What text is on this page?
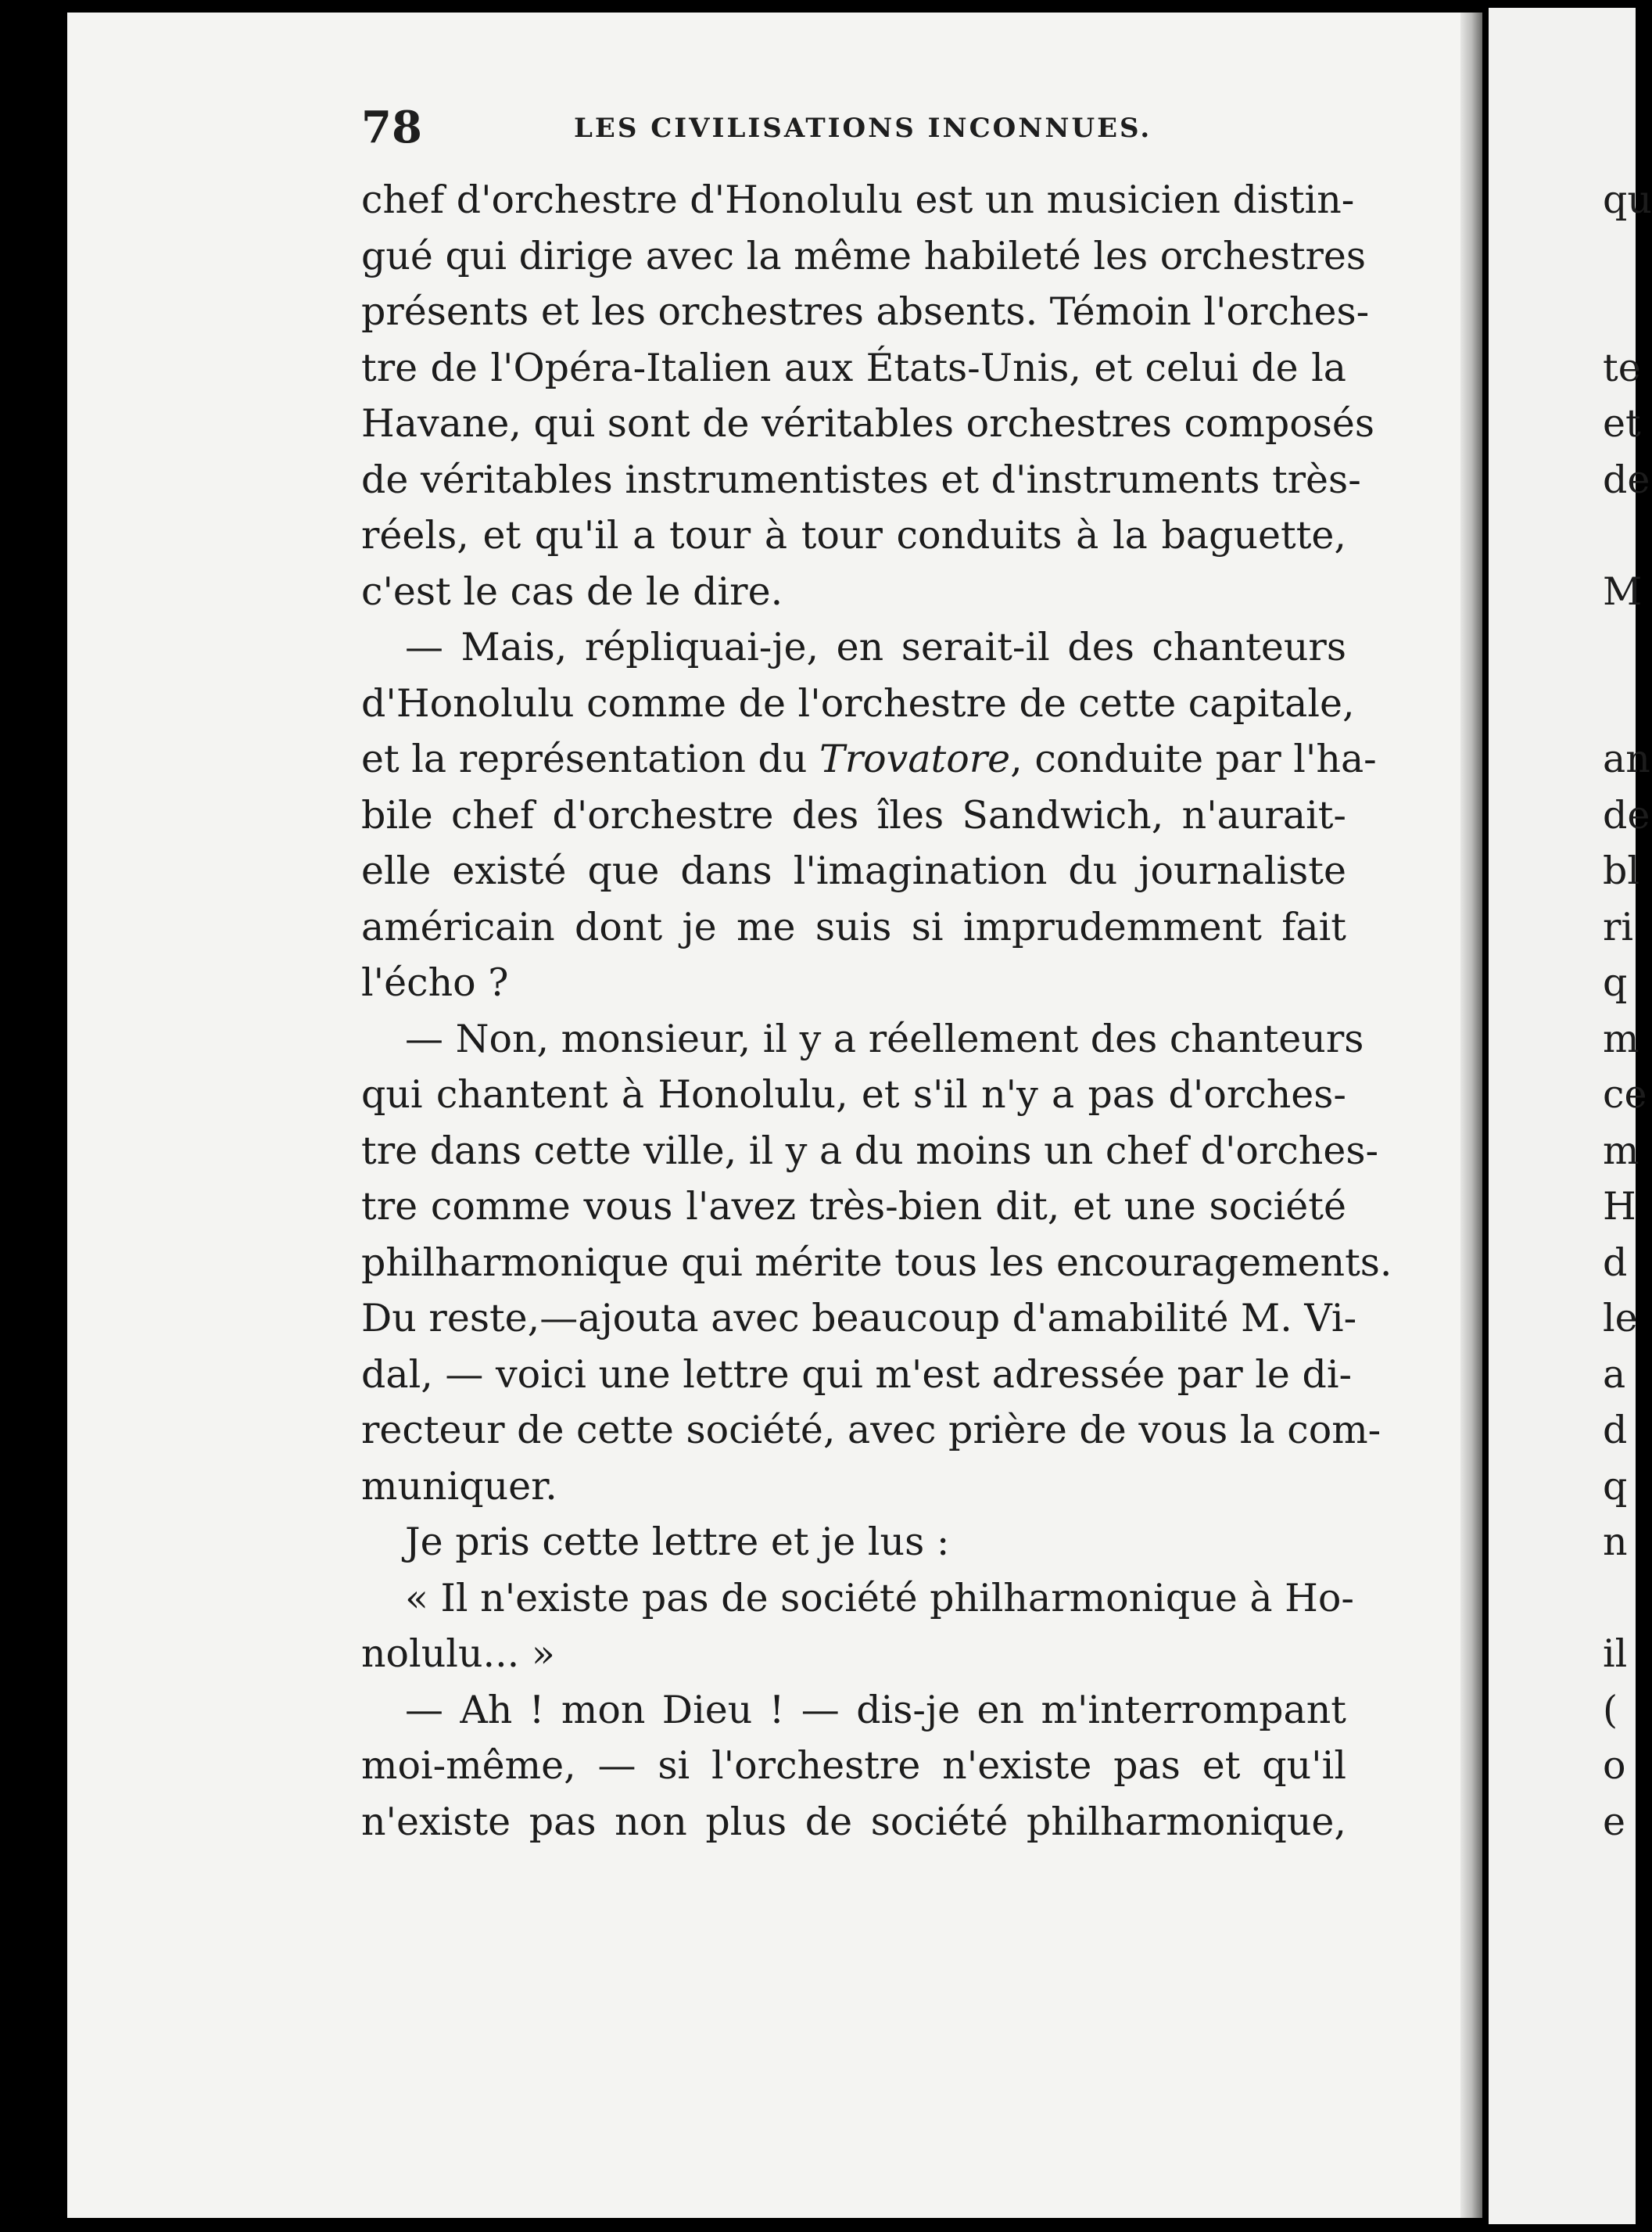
78	LES CIVILISATIONS INCONNUES.
chef d'orchestre d'Honolulu est un musicien distin-
gué qui dirige avec la même habileté les orchestres
présents et les orchestres absents. Témoin l'orches-
tre de l'Opéra-Italien aux États-Unis, et celui de la
Havane, qui sont de véritables orchestres composés
de véritables instrumentistes et d'instruments très-
réels, et qu'il a tour à tour conduits à la baguette,
c'est le cas de le dire.
— Mais, répliquai-je, en serait-il des chanteurs
d'Honolulu comme de l'orchestre de cette capitale,
et la représentation du Trovatore, conduite par l'ha-
bile chef d'orchestre des îles Sandwich, n'aurait-
elle existé que dans l'imagination du journaliste
américain dont je me suis si imprudemment fait
l'écho ?
— Non, monsieur, il y a réellement des chanteurs
qui chantent à Honolulu, et s'il n'y a pas d'orches-
tre dans cette ville, il y a du moins un chef d'orches-
tre comme vous l'avez très-bien dit, et une société
philharmonique qui mérite tous les encouragements.
Du reste,—ajouta avec beaucoup d'amabilité M. Vi-
dal, — voici une lettre qui m'est adressée par le di-
recteur de cette société, avec prière de vous la com-
muniquer.
Je pris cette lettre et je lus :
« Il n'existe pas de société philharmonique à Ho-
nolulu... »
— Ah ! mon Dieu ! — dis-je en m'interrompant
moi-même, — si l'orchestre n'existe pas et qu'il
n'existe pas non plus de société philharmonique,
qu
te
et
de
M
an
de
bl
ri
q
m
ce
m
H
d
le
a
d
q
n
il
(
o
e
